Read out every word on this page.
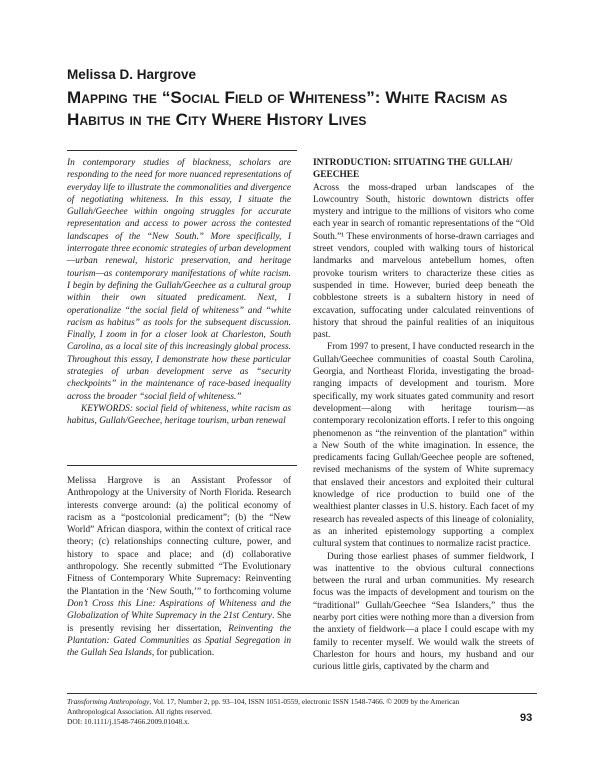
Melissa D. Hargrove
Mapping the “Social Field of Whiteness”: White Racism as Habitus in the City Where History Lives

In contemporary studies of blackness, scholars are responding to the need for more nuanced representations of everyday life to illustrate the commonalities and divergence of negotiating whiteness. In this essay, I situate the Gullah/Geechee within ongoing struggles for accurate representation and access to power across the contested landscapes of the “New South.” More specifically, I interrogate three economic strategies of urban development—urban renewal, historic preservation, and heritage tourism—as contemporary manifestations of white racism. I begin by defining the Gullah/Geechee as a cultural group within their own situated predicament. Next, I operationalize “the social field of whiteness” and “white racism as habitus” as tools for the subsequent discussion. Finally, I zoom in for a closer look at Charleston, South Carolina, as a local site of this increasingly global process. Throughout this essay, I demonstrate how these particular strategies of urban development serve as “security checkpoints” in the maintenance of race-based inequality across the broader “social field of whiteness.”

KEYWORDS: social field of whiteness, white racism as habitus, Gullah/Geechee, heritage tourism, urban renewal

Melissa Hargrove is an Assistant Professor of Anthropology at the University of North Florida. Research interests converge around: (a) the political economy of racism as a “postcolonial predicament”; (b) the “New World” African diaspora, within the context of critical race theory; (c) relationships connecting culture, power, and history to space and place; and (d) collaborative anthropology. She recently submitted “The Evolutionary Fitness of Contemporary White Supremacy: Reinventing the Plantation in the ‘New South,’” to forthcoming volume Don’t Cross this Line: Aspirations of Whiteness and the Globalization of White Supremacy in the 21st Century. She is presently revising her dissertation, Reinventing the Plantation: Gated Communities as Spatial Segregation in the Gullah Sea Islands, for publication.

INTRODUCTION: SITUATING THE GULLAH/ GEECHEE

Across the moss-draped urban landscapes of the Lowcountry South, historic downtown districts offer mystery and intrigue to the millions of visitors who come each year in search of romantic representations of the “Old South.”¹ These environments of horse-drawn carriages and street vendors, coupled with walking tours of historical landmarks and marvelous antebellum homes, often provoke tourism writers to characterize these cities as suspended in time. However, buried deep beneath the cobblestone streets is a subaltern history in need of excavation, suffocating under calculated reinventions of history that shroud the painful realities of an iniquitous past.

From 1997 to present, I have conducted research in the Gullah/Geechee communities of coastal South Carolina, Georgia, and Northeast Florida, investigating the broad-ranging impacts of development and tourism. More specifically, my work situates gated community and resort development—along with heritage tourism—as contemporary recolonization efforts. I refer to this ongoing phenomenon as “the reinvention of the plantation” within a New South of the white imagination. In essence, the predicaments facing Gullah/Geechee people are softened, revised mechanisms of the system of White supremacy that enslaved their ancestors and exploited their cultural knowledge of rice production to build one of the wealthiest planter classes in U.S. history. Each facet of my research has revealed aspects of this lineage of coloniality, as an inherited epistemology supporting a complex cultural system that continues to normalize racist practice.

During those earliest phases of summer fieldwork, I was inattentive to the obvious cultural connections between the rural and urban communities. My research focus was the impacts of development and tourism on the “traditional” Gullah/Geechee “Sea Islanders,” thus the nearby port cities were nothing more than a diversion from the anxiety of fieldwork—a place I could escape with my family to recenter myself. We would walk the streets of Charleston for hours and hours, my husband and our curious little girls, captivated by the charm and

Transforming Anthropology, Vol. 17, Number 2, pp. 93–104, ISSN 1051-0559, electronic ISSN 1548-7466. © 2009 by the American Anthropological Association. All rights reserved.
DOI: 10.1111/j.1548-7466.2009.01048.x.	93
